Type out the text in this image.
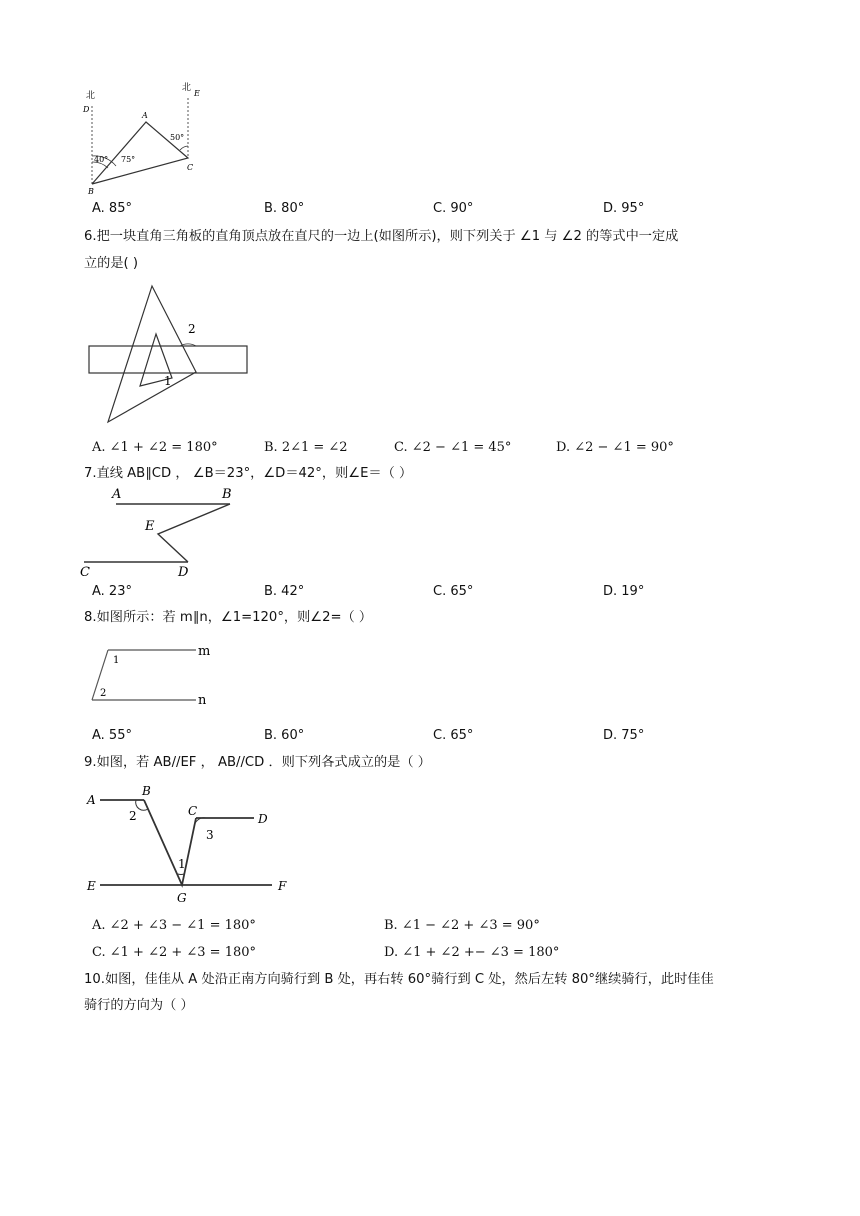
北
北
D
E
A
B
C
40° 75°
50°
A. 85°	B. 80°	C. 90°	D. 95°
6.把一块直角三角板的直角顶点放在直尺的一边上(如图所示)，则下列关于 ∠1 与 ∠2 的等式中一定成
立的是( )
1
2
A. ∠1 + ∠2 = 180°	B. 2∠1 = ∠2	C. ∠2 − ∠1 = 45°	D. ∠2 − ∠1 = 90°
7.直线 AB∥CD ， ∠B＝23°，∠D＝42°，则∠E＝（ ）
A	B
E
C	D
A. 23°	B. 42°	C. 65°	D. 19°
8.如图所示：若 m∥n，∠1=120°，则∠2=（ ）
1
2
m
n
A. 55°	B. 60°	C. 65°	D. 75°
9.如图，若 AB//EF ， AB//CD ．则下列各式成立的是（ ）
A
B
C
D
E	F
G
1
2
3
A. ∠2 + ∠3 − ∠1 = 180°	B. ∠1 − ∠2 + ∠3 = 90°
C. ∠1 + ∠2 + ∠3 = 180°	D. ∠1 + ∠2 +− ∠3 = 180°
10.如图，佳佳从 A 处沿正南方向骑行到 B 处，再右转 60°骑行到 C 处，然后左转 80°继续骑行，此时佳佳
骑行的方向为（ ）
